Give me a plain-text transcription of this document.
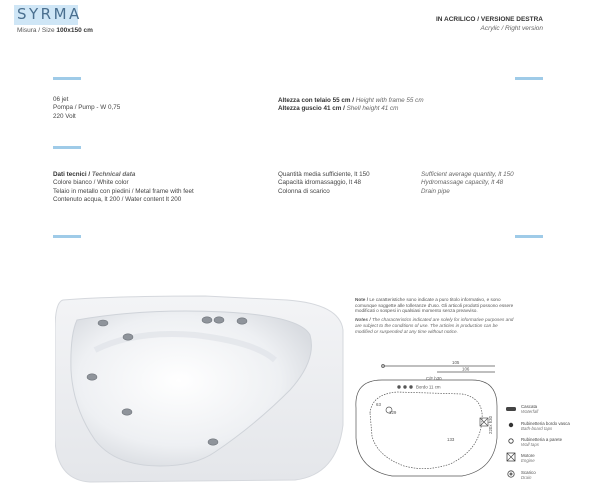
SYRMA
Misura / Size 100x150 cm
IN ACRILICO / VERSIONE DESTRA
Acrylic / Right version
06 jet
Pompa / Pump - W 0,75
220 Volt
Altezza con telaio 55 cm / Height with frame 55 cm
Altezza guscio 41 cm / Shell height 41 cm
Dati tecnici / Technical data
Colore bianco / White color
Telaio in metallo con piedini / Metal frame with feet
Contenuto acqua, lt 200 / Water content lt 200
Quantità media sufficiente, lt 150
Capacità idromassaggio, lt 48
Colonna di scarico
Sufficient average quantity, lt 150
Hydromassage capacity, lt 48
Drain pipe
Note / Le caratteristiche sono indicate a puro titolo informativo, e sono comunque soggette alle tolleranze d'uso. Gli articoli prodotti possono essere modificati o sospesi in qualsiasi momento senza preavviso.
Notes / The characteristics indicated are solely for informative purposes and are subject to the conditions of use. The articles in production can be modified or suspended at any time without notice.
105
106
C/F h30
Bordo 11 cm
129
133
63
220x h30
Cascata
Waterfall
Rubinetteria bordo vasca
Bath-board taps
Rubinetteria a parete
Wall taps
Motore
Engine
Scarico
Drain
